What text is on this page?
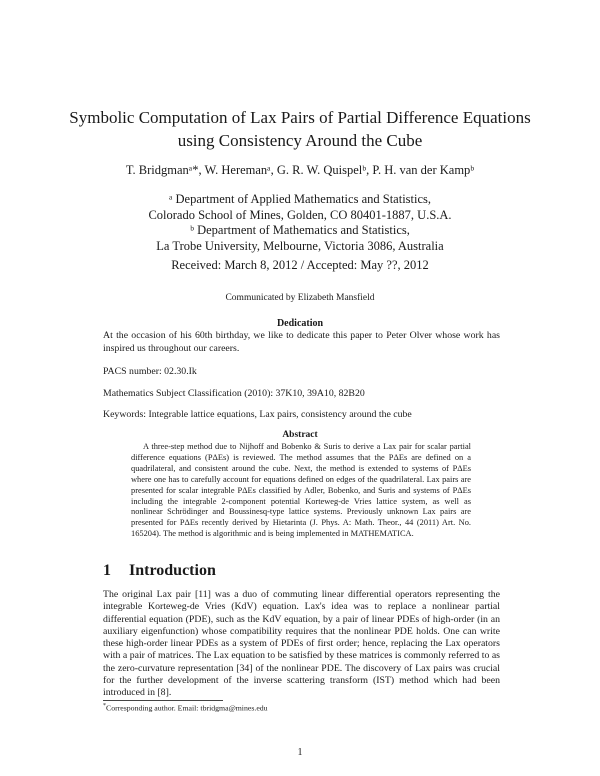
Symbolic Computation of Lax Pairs of Partial Difference Equations using Consistency Around the Cube
T. Bridgmanᵃ*, W. Heremanᵃ, G. R. W. Quispelᵇ, P. H. van der Kampᵇ
ᵃ Department of Applied Mathematics and Statistics,
Colorado School of Mines, Golden, CO 80401-1887, U.S.A.
ᵇ Department of Mathematics and Statistics,
La Trobe University, Melbourne, Victoria 3086, Australia
Received: March 8, 2012 / Accepted: May ??, 2012
Communicated by Elizabeth Mansfield
Dedication
At the occasion of his 60th birthday, we like to dedicate this paper to Peter Olver whose work has inspired us throughout our careers.
PACS number: 02.30.Ik
Mathematics Subject Classification (2010): 37K10, 39A10, 82B20
Keywords: Integrable lattice equations, Lax pairs, consistency around the cube
Abstract
A three-step method due to Nijhoff and Bobenko & Suris to derive a Lax pair for scalar partial difference equations (PΔEs) is reviewed. The method assumes that the PΔEs are defined on a quadrilateral, and consistent around the cube. Next, the method is extended to systems of PΔEs where one has to carefully account for equations defined on edges of the quadrilateral. Lax pairs are presented for scalar integrable PΔEs classified by Adler, Bobenko, and Suris and systems of PΔEs including the integrable 2-component potential Korteweg-de Vries lattice system, as well as nonlinear Schrödinger and Boussinesq-type lattice systems. Previously unknown Lax pairs are presented for PΔEs recently derived by Hietarinta (J. Phys. A: Math. Theor., 44 (2011) Art. No. 165204). The method is algorithmic and is being implemented in MATHEMATICA.
1 Introduction
The original Lax pair [11] was a duo of commuting linear differential operators representing the integrable Korteweg-de Vries (KdV) equation. Lax's idea was to replace a nonlinear partial differential equation (PDE), such as the KdV equation, by a pair of linear PDEs of high-order (in an auxiliary eigenfunction) whose compatibility requires that the nonlinear PDE holds. One can write these high-order linear PDEs as a system of PDEs of first order; hence, replacing the Lax operators with a pair of matrices. The Lax equation to be satisfied by these matrices is commonly referred to as the zero-curvature representation [34] of the nonlinear PDE. The discovery of Lax pairs was crucial for the further development of the inverse scattering transform (IST) method which had been introduced in [8].
*Corresponding author. Email: tbridgma@mines.edu
1
